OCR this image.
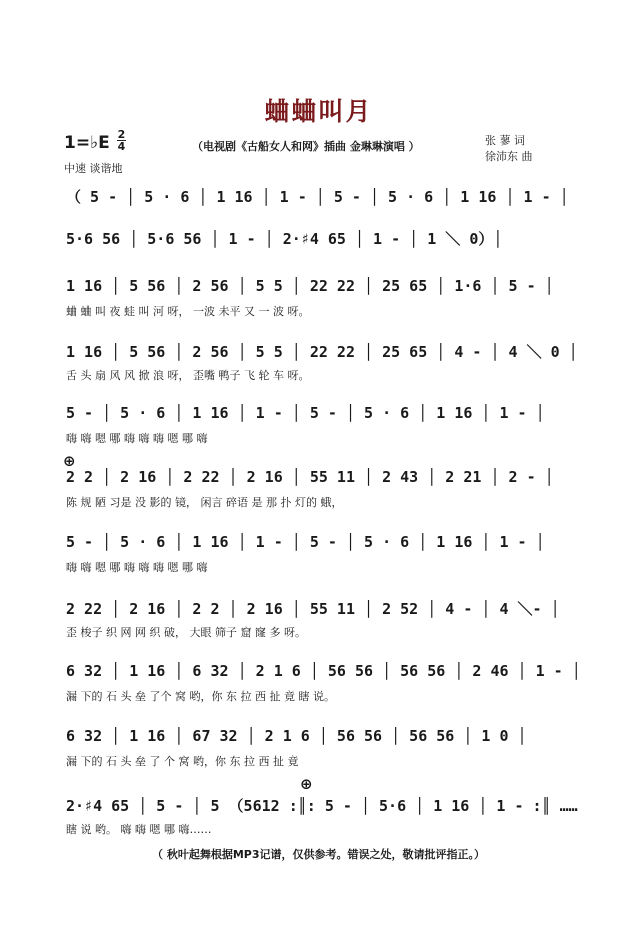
蛐蛐叫月
1=♭E 2
4
中速 谈谐地
（电视剧《古船女人和网》插曲 金琳琳演唱 ）	张 蓼 词
徐沛东 曲
⊕
⊕
（ 5 - │ 5 · 6 │ 1 16 │ 1 - │ 5 - │ 5 · 6 │ 1 16 │ 1 - │
5·6 56 │ 5·6 56 │ 1 - │ 2·♯4 65 │ 1 - │ 1 ＼ 0）│
1 16 │ 5 56 │ 2 56 │ 5 5 │ 22 22 │ 25 65 │ 1·6 │ 5 - │
蛐 蛐 叫 夜 蛙 叫 河 呀， 一波 未平 又 一 波 呀。
1 16 │ 5 56 │ 2 56 │ 5 5 │ 22 22 │ 25 65 │ 4 - │ 4 ＼ 0 │
舌 头 扇 风 风 掀 浪 呀， 歪嘴 鸭子 飞 轮 车 呀。
5 - │ 5 · 6 │ 1 16 │ 1 - │ 5 - │ 5 · 6 │ 1 16 │ 1 - │
嗨 嗨 嗯 哪 嗨 嗨 嗨 嗯 哪 嗨
2 2 │ 2 16 │ 2 22 │ 2 16 │ 55 11 │ 2 43 │ 2 21 │ 2 - │
陈 规 陋 习是 没 影的 镜， 闲言 碎语 是 那 扑 灯的 蛾，
5 - │ 5 · 6 │ 1 16 │ 1 - │ 5 - │ 5 · 6 │ 1 16 │ 1 - │
嗨 嗨 嗯 哪 嗨 嗨 嗨 嗯 哪 嗨
2 22 │ 2 16 │ 2 2 │ 2 16 │ 55 11 │ 2 52 │ 4 - │ 4 ＼- │
歪 梭子 织 网 网 织 破， 大眼 筛子 窟 窿 多 呀。
6 32 │ 1 16 │ 6 32 │ 2 1 6 │ 56 56 │ 56 56 │ 2 46 │ 1 - │
漏 下的 石 头 垒 了个 窝 哟，你 东 拉 西 扯 竟 瞎 说。
6 32 │ 1 16 │ 67 32 │ 2 1 6 │ 56 56 │ 56 56 │ 1 0 │
漏 下的 石 头 垒 了 个 窝 哟，你 东 拉 西 扯 竟
2·♯4 65 │ 5 - │ 5 （5612 :║: 5 - │ 5·6 │ 1 16 │ 1 - :║ ……
瞎 说 哟。 嗨 嗨 嗯 哪 嗨……
（ 秋叶起舞根据MP3记谱，仅供参考。错误之处，敬请批评指正。）
